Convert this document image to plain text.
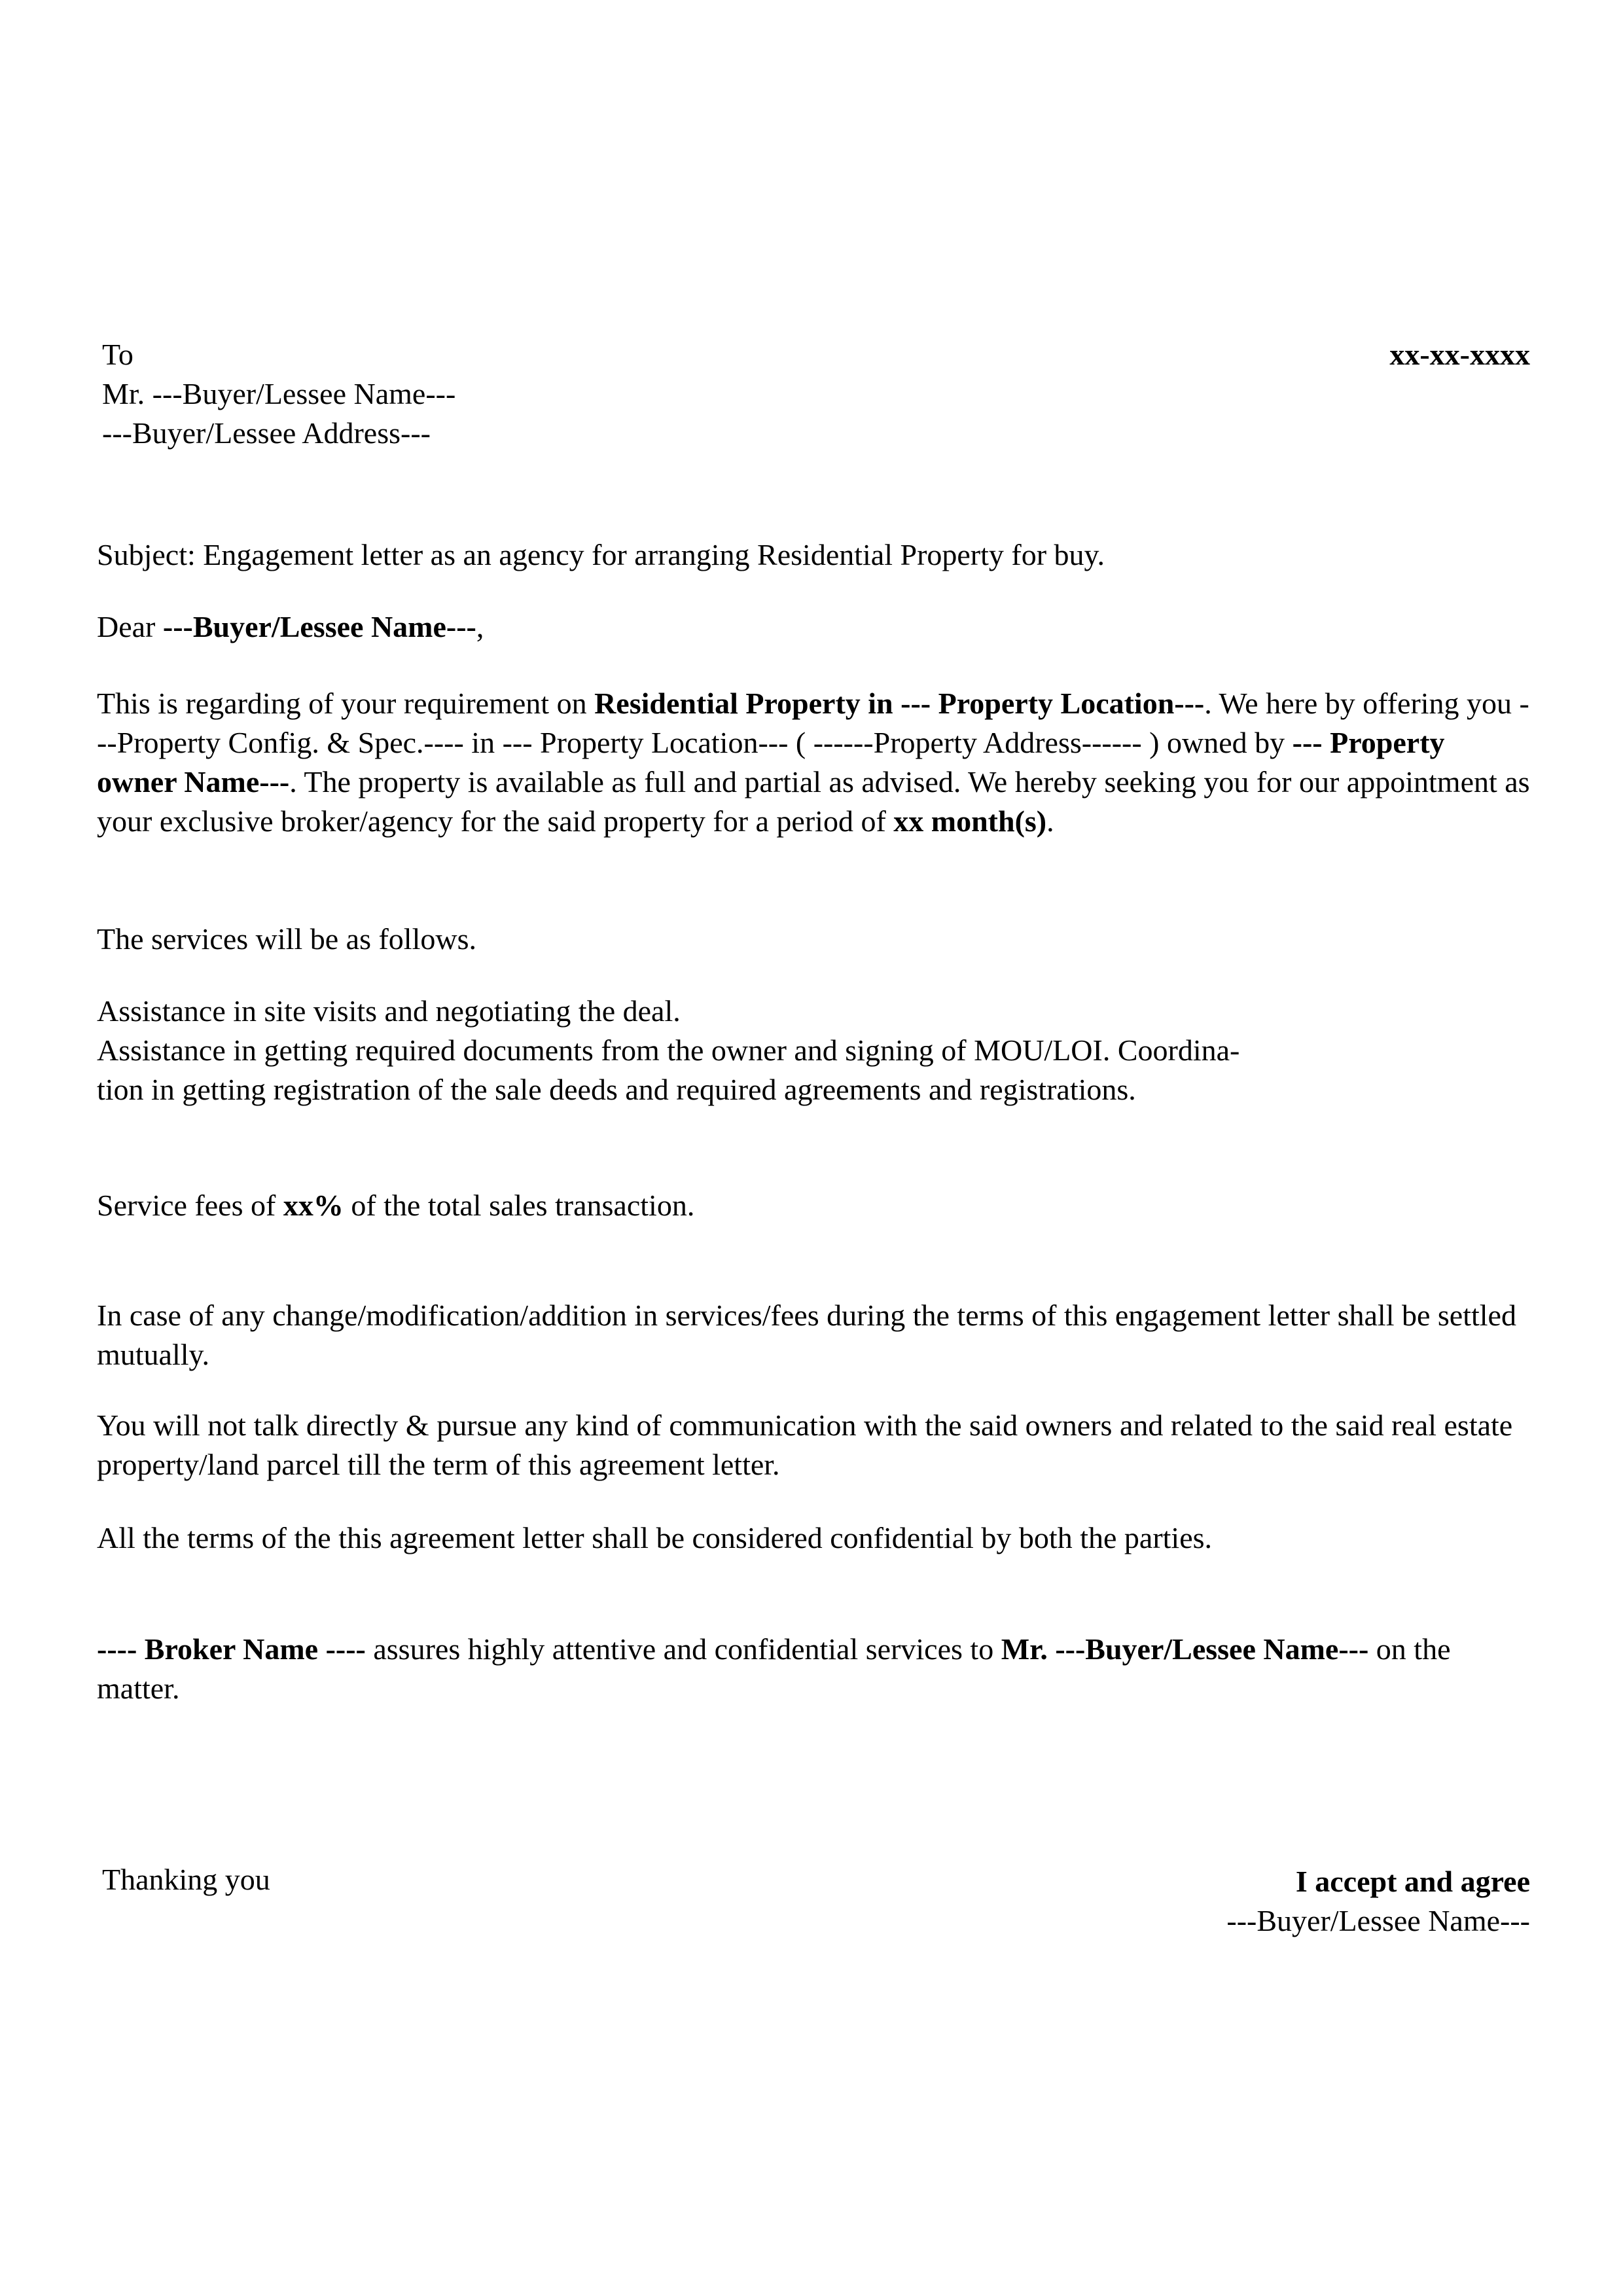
To	xx-xx-xxxx
Mr. ---Buyer/Lessee Name---
---Buyer/Lessee Address---
Subject: Engagement letter as an agency for arranging Residential Property for buy.
Dear ---Buyer/Lessee Name---,

This is regarding of your requirement on Residential Property in --- Property Location---. We here by offering you ---Property Config. & Spec.---- in --- Property Location--- ( ------Property Address------ ) owned by --- Property owner Name---. The property is available as full and partial as advised. We hereby seeking you for our appointment as your exclusive broker/agency for the said property for a period of xx month(s).

The services will be as follows.
Assistance in site visits and negotiating the deal.
Assistance in getting required documents from the owner and signing of MOU/LOI. Coordina-
tion in getting registration of the sale deeds and required agreements and registrations.
Service fees of xx% of the total sales transaction.

In case of any change/modification/addition in services/fees during the terms of this engagement letter shall be settled mutually.

You will not talk directly & pursue any kind of communication with the said owners and related to the said real estate property/land parcel till the term of this agreement letter.

All the terms of the this agreement letter shall be considered confidential by both the parties.

---- Broker Name ---- assures highly attentive and confidential services to Mr. ---Buyer/Lessee Name--- on the matter.

Thanking you	I accept and agree
---Buyer/Lessee Name---
